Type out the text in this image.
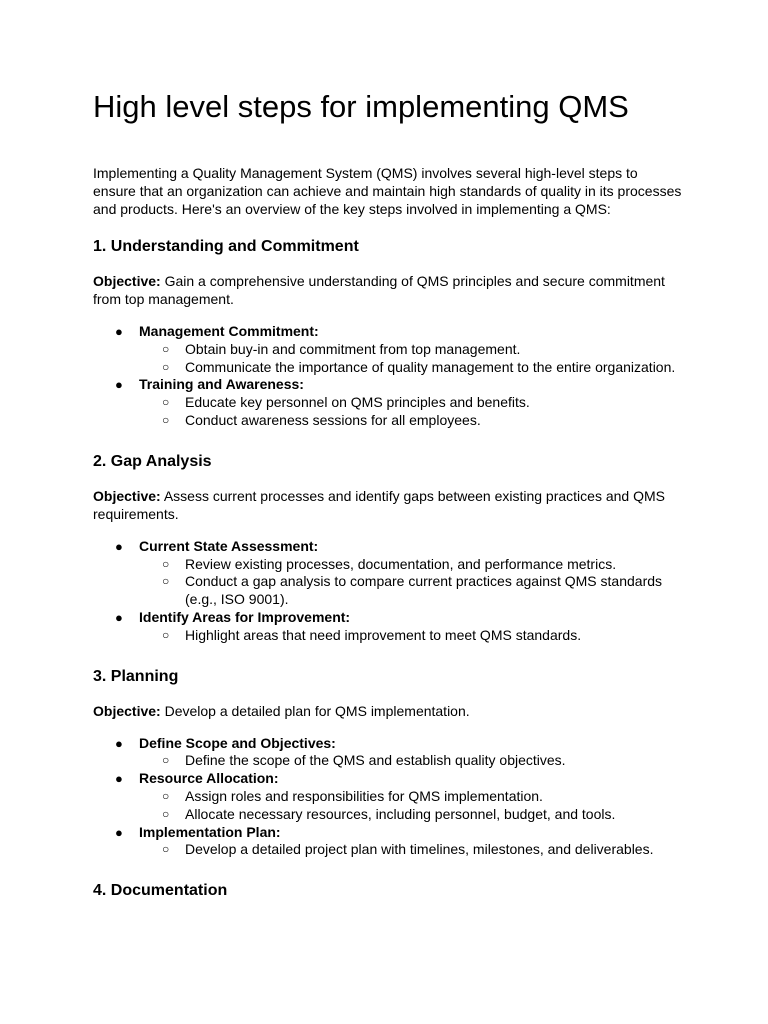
High level steps for implementing QMS

Implementing a Quality Management System (QMS) involves several high-level steps to ensure that an organization can achieve and maintain high standards of quality in its processes and products. Here's an overview of the key steps involved in implementing a QMS:

1. Understanding and Commitment

Objective: Gain a comprehensive understanding of QMS principles and secure commitment from top management.

● Management Commitment:
○ Obtain buy-in and commitment from top management.
○ Communicate the importance of quality management to the entire organization.
● Training and Awareness:
○ Educate key personnel on QMS principles and benefits.
○ Conduct awareness sessions for all employees.
2. Gap Analysis

Objective: Assess current processes and identify gaps between existing practices and QMS requirements.

● Current State Assessment:
○ Review existing processes, documentation, and performance metrics.
○ Conduct a gap analysis to compare current practices against QMS standards (e.g., ISO 9001).
● Identify Areas for Improvement:
○ Highlight areas that need improvement to meet QMS standards.
3. Planning

Objective: Develop a detailed plan for QMS implementation.

● Define Scope and Objectives:
○ Define the scope of the QMS and establish quality objectives.
● Resource Allocation:
○ Assign roles and responsibilities for QMS implementation.
○ Allocate necessary resources, including personnel, budget, and tools.
● Implementation Plan:
○ Develop a detailed project plan with timelines, milestones, and deliverables.
4. Documentation
